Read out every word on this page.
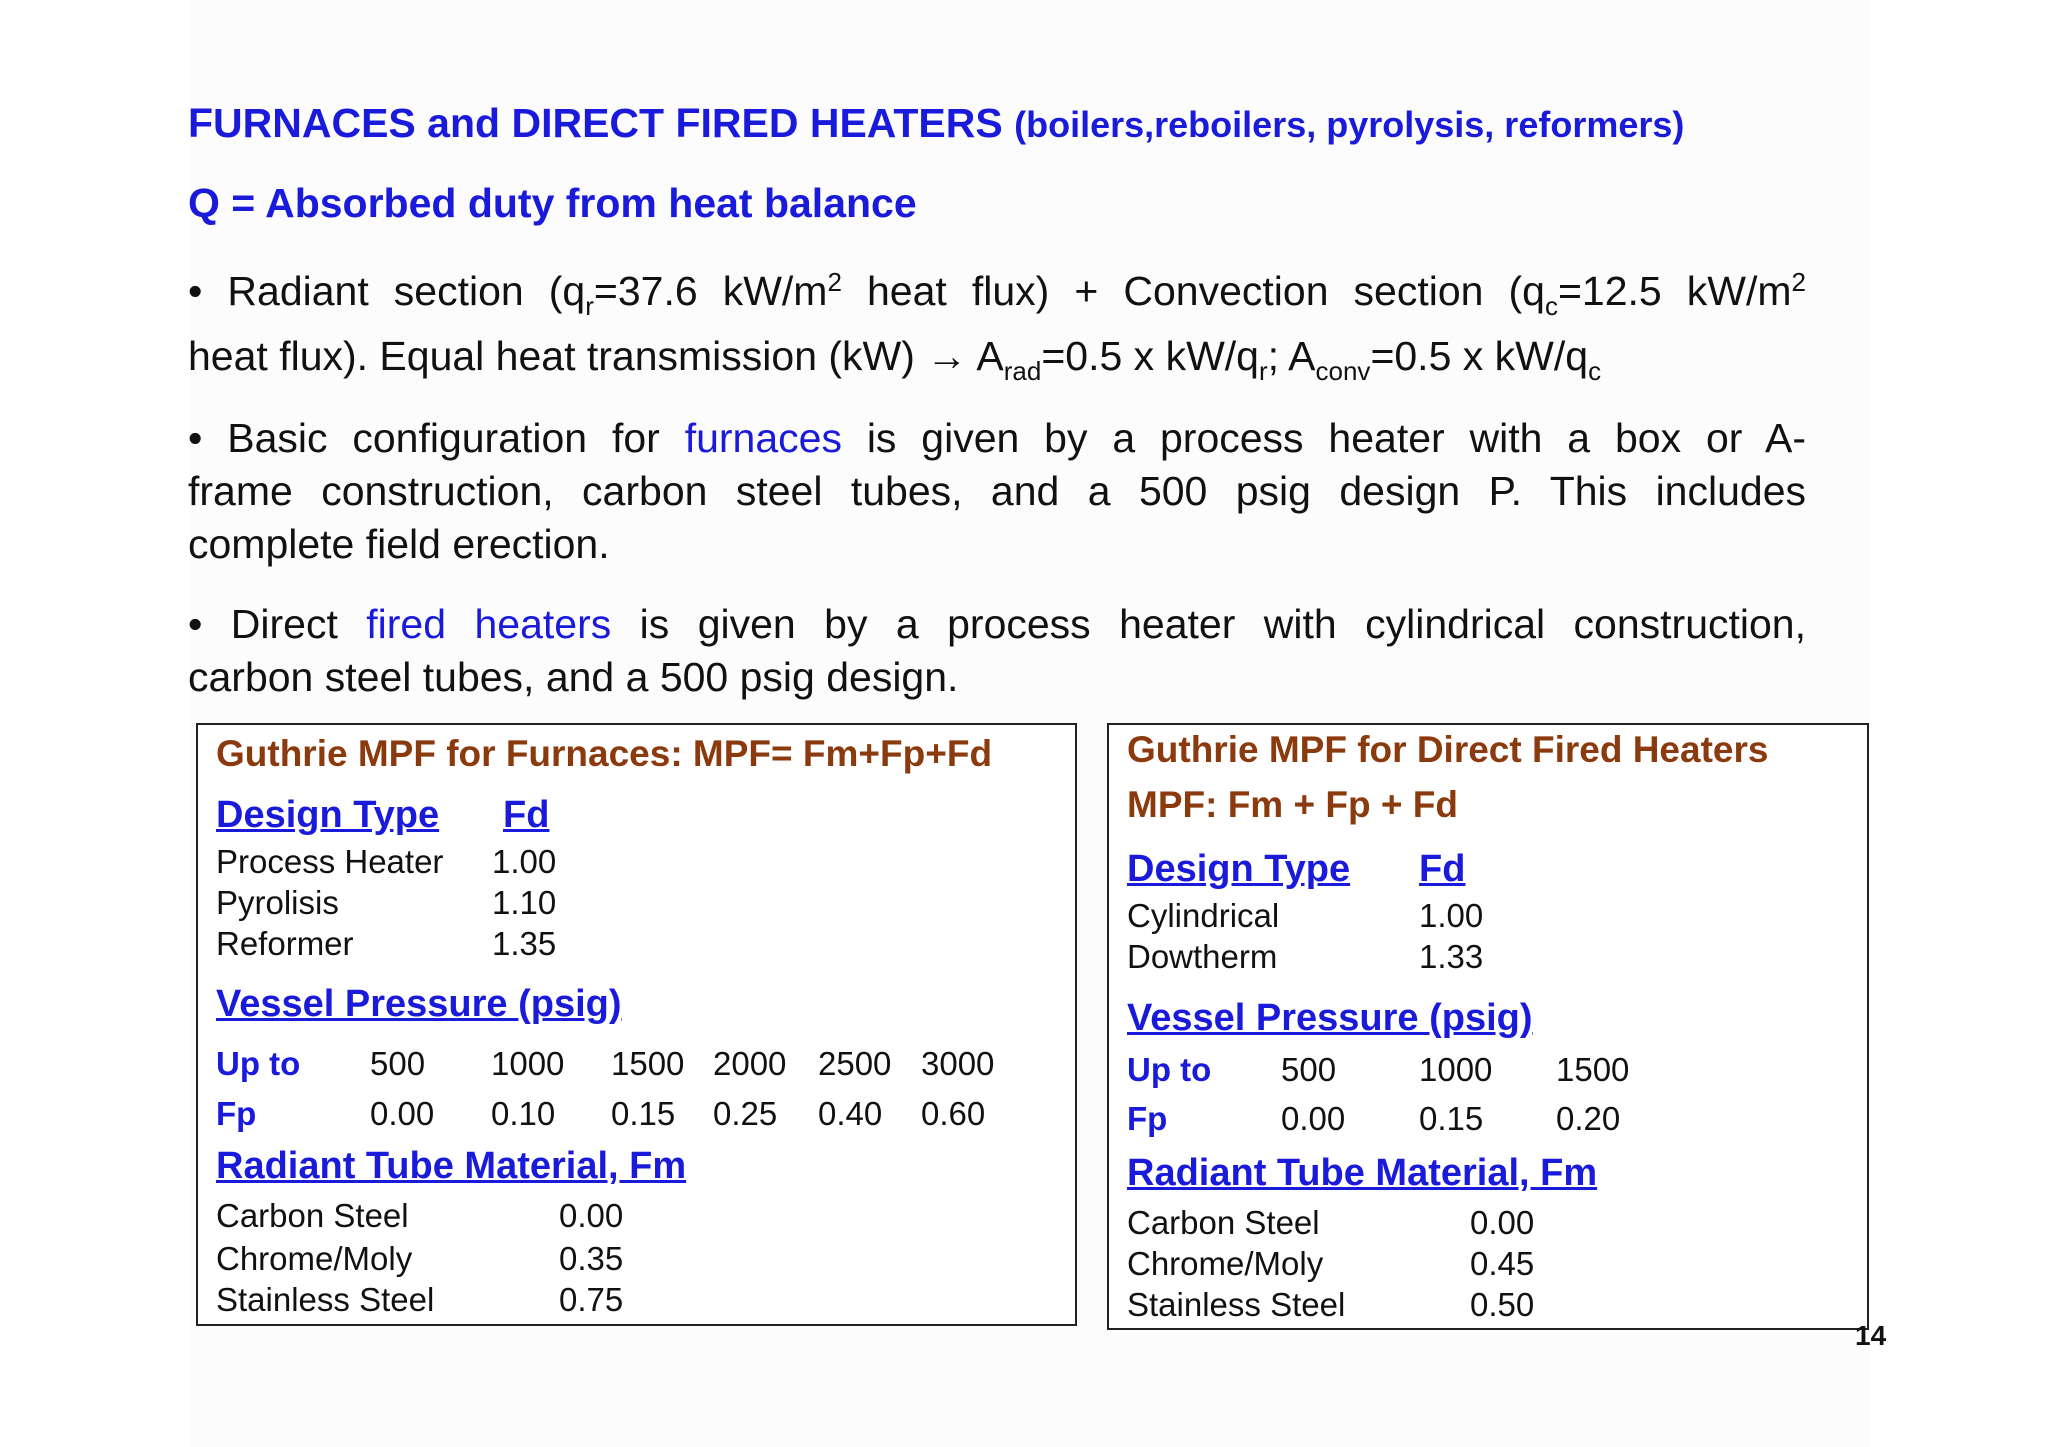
FURNACES and DIRECT FIRED HEATERS (boilers,reboilers, pyrolysis, reformers)
Q = Absorbed duty from heat balance
• Radiant section ($q_r=37.6$ $kW/m^2$ heat flux) + Convection section ($q_c=12.5$ $kW/m^2$
heat flux). Equal heat transmission $(kW) \to A_{rad}=0.5$ x $kW/q_r$; $A_{conv}=0.5$ x $kW/q_c$
• Basic configuration for furnaces is given by a process heater with a box or A-
frame construction, carbon steel tubes, and a 500 psig design P. This includes
complete field erection.
• Direct fired heaters is given by a process heater with cylindrical construction,
carbon steel tubes, and a 500 psig design.
Guthrie MPF for Furnaces: MPF= Fm+Fp+Fd
Design Type Fd
Process Heater 1.00
Pyrolisis	1.10
Reformer	1.35
Vessel Pressure (psig)
Up to 500 1000 1500 2000 2500 3000
Fp	0.00 0.10 0.15 0.25 0.40 0.60
Radiant Tube Material, Fm
Carbon Steel	0.00
Chrome/Moly	0.35
Stainless Steel	0.75
Guthrie MPF for Direct Fired Heaters
MPF: Fm + Fp + Fd
Design Type Fd
Cylindrical	1.00
Dowtherm	1.33
Vessel Pressure (psig)
Up to 500	1000 1500
Fp	0.00 0.15 0.20
Radiant Tube Material, Fm
Carbon Steel	0.00
Chrome/Moly	0.45
Stainless Steel	0.50
14
